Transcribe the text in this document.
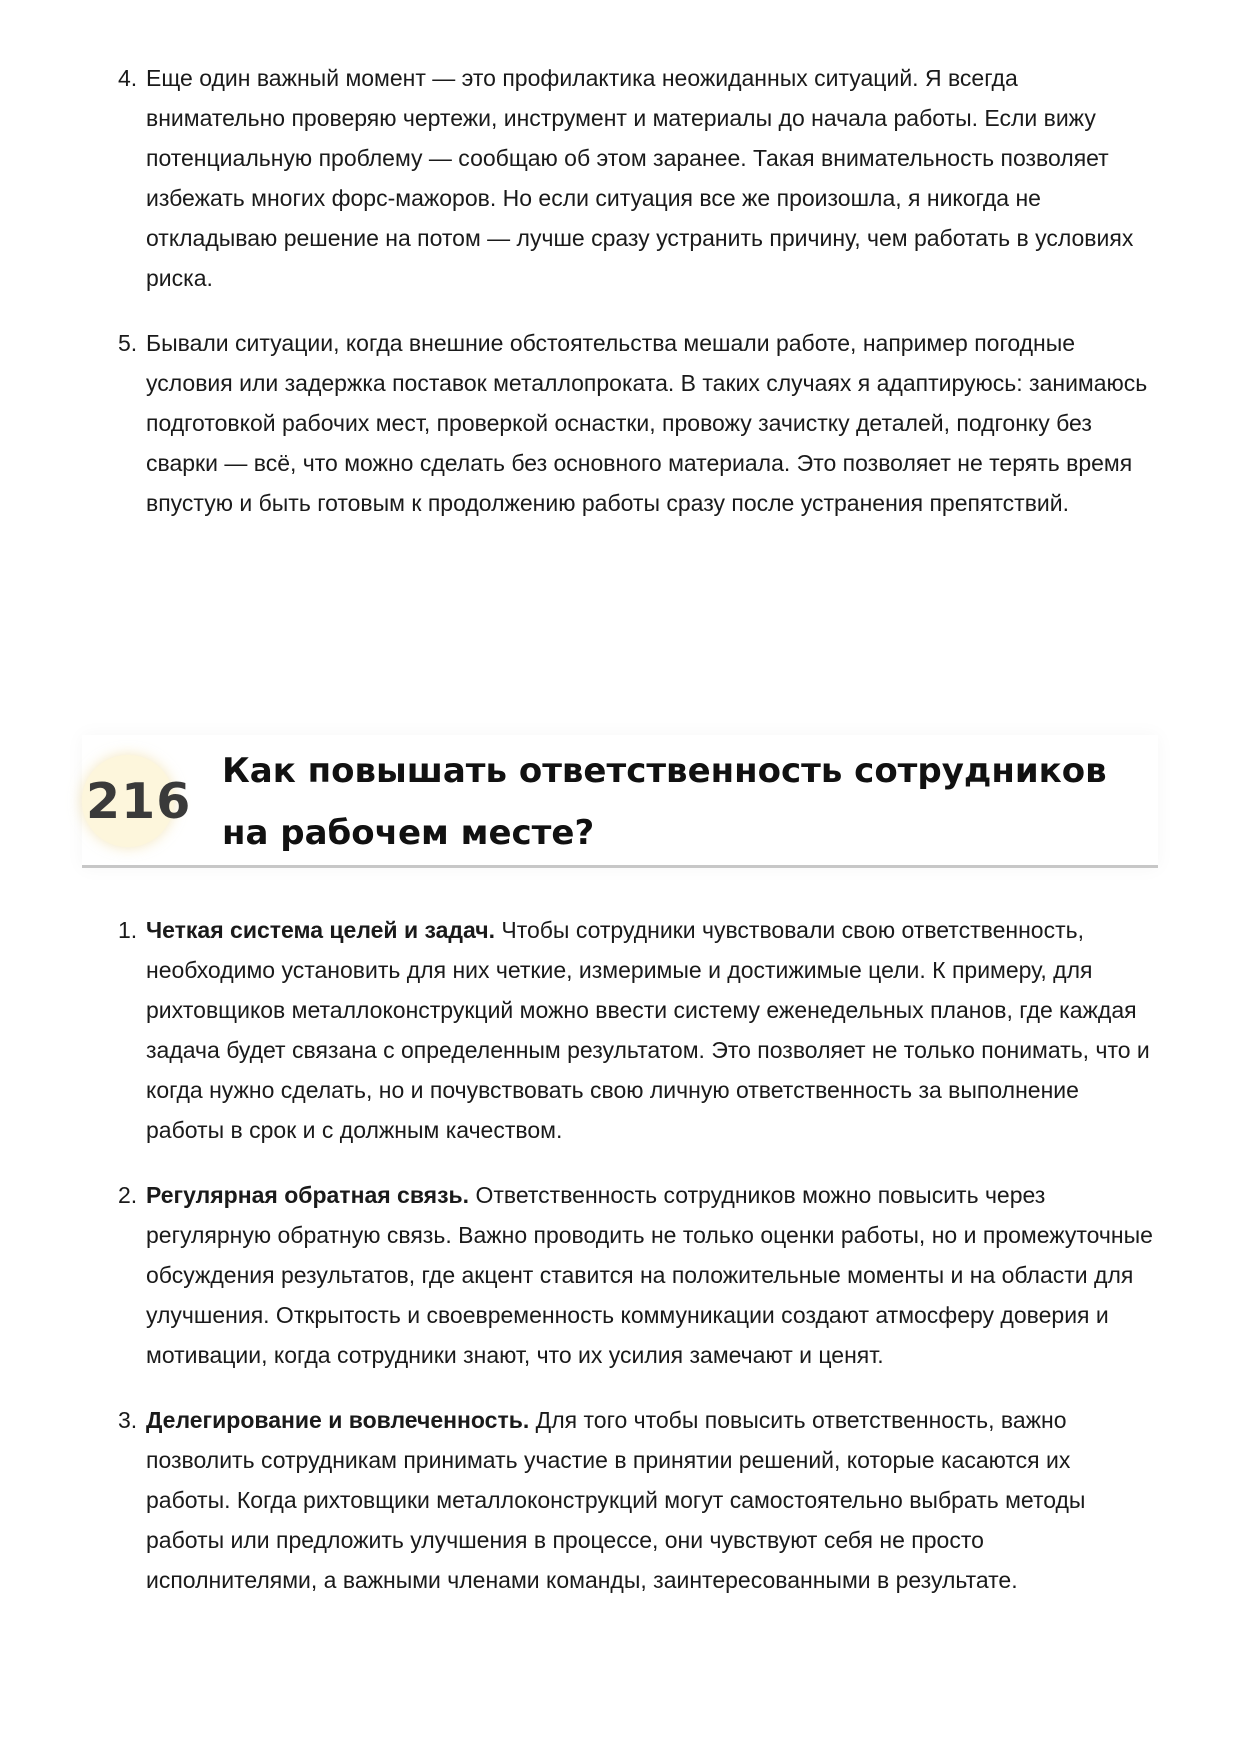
4. Еще один важный момент — это профилактика неожиданных ситуаций. Я всегда внимательно проверяю чертежи, инструмент и материалы до начала работы. Если вижу потенциальную проблему — сообщаю об этом заранее. Такая внимательность позволяет избежать многих форс-мажоров. Но если ситуация все же произошла, я никогда не откладываю решение на потом — лучше сразу устранить причину, чем работать в условиях риска.
5. Бывали ситуации, когда внешние обстоятельства мешали работе, например погодные условия или задержка поставок металлопроката. В таких случаях я адаптируюсь: занимаюсь подготовкой рабочих мест, проверкой оснастки, провожу зачистку деталей, подгонку без сварки — всё, что можно сделать без основного материала. Это позволяет не терять время впустую и быть готовым к продолжению работы сразу после устранения препятствий.
216
Как повышать ответственность сотрудников на рабочем месте?
1. Четкая система целей и задач. Чтобы сотрудники чувствовали свою ответственность, необходимо установить для них четкие, измеримые и достижимые цели. К примеру, для рихтовщиков металлоконструкций можно ввести систему еженедельных планов, где каждая задача будет связана с определенным результатом. Это позволяет не только понимать, что и когда нужно сделать, но и почувствовать свою личную ответственность за выполнение работы в срок и с должным качеством.
2. Регулярная обратная связь. Ответственность сотрудников можно повысить через регулярную обратную связь. Важно проводить не только оценки работы, но и промежуточные обсуждения результатов, где акцент ставится на положительные моменты и на области для улучшения. Открытость и своевременность коммуникации создают атмосферу доверия и мотивации, когда сотрудники знают, что их усилия замечают и ценят.
3. Делегирование и вовлеченность. Для того чтобы повысить ответственность, важно позволить сотрудникам принимать участие в принятии решений, которые касаются их работы. Когда рихтовщики металлоконструкций могут самостоятельно выбрать методы работы или предложить улучшения в процессе, они чувствуют себя не просто исполнителями, а важными членами команды, заинтересованными в результате.
